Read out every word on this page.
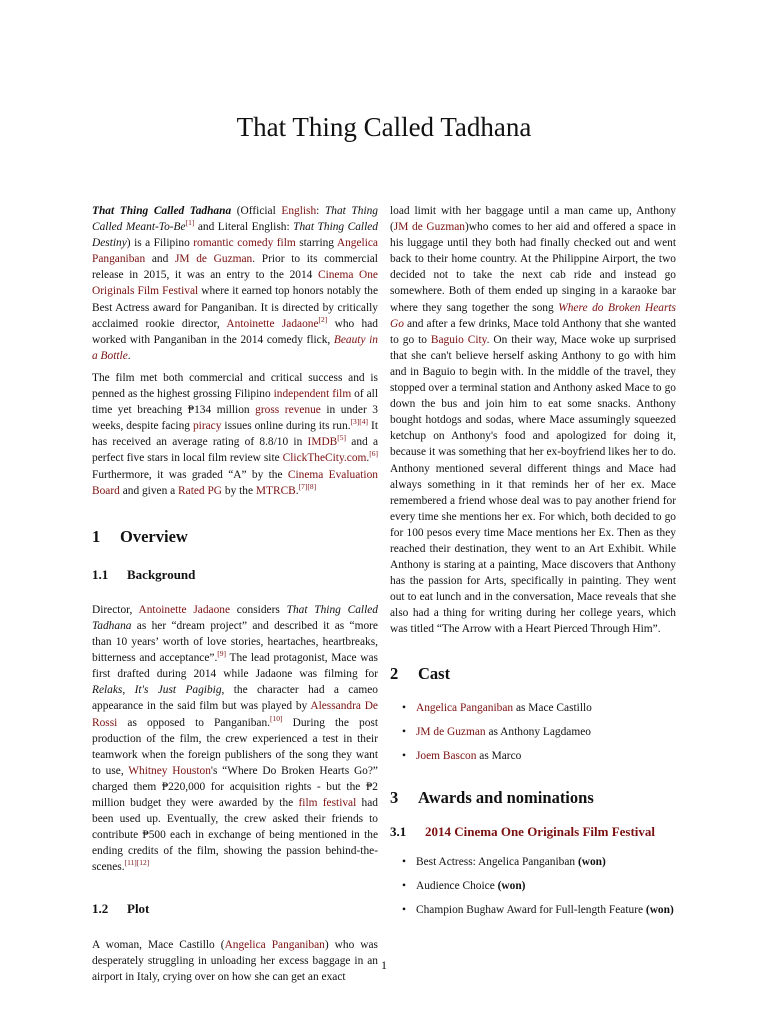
That Thing Called Tadhana

That Thing Called Tadhana (Official English: That Thing Called Meant-To-Be[1] and Literal English: That Thing Called Destiny) is a Filipino romantic comedy film starring Angelica Panganiban and JM de Guzman. Prior to its commercial release in 2015, it was an entry to the 2014 Cinema One Originals Film Festival where it earned top honors notably the Best Actress award for Panganiban. It is directed by critically acclaimed rookie director, Antoinette Jadaone[2] who had worked with Panganiban in the 2014 comedy flick, Beauty in a Bottle.

The film met both commercial and critical success and is penned as the highest grossing Filipino independent film of all time yet breaching ₱134 million gross revenue in under 3 weeks, despite facing piracy issues online during its run.[3][4] It has received an average rating of 8.8/10 in IMDB[5] and a perfect five stars in local film review site ClickTheCity.com.[6] Furthermore, it was graded “A” by the Cinema Evaluation Board and given a Rated PG by the MTRCB.[7][8]

1 Overview
1.1 Background

Director, Antoinette Jadaone considers That Thing Called Tadhana as her “dream project” and described it as “more than 10 years’ worth of love stories, heartaches, heartbreaks, bitterness and acceptance”.[9] The lead protagonist, Mace was first drafted during 2014 while Jadaone was filming for Relaks, It's Just Pagibig, the character had a cameo appearance in the said film but was played by Alessandra De Rossi as opposed to Panganiban.[10] During the post production of the film, the crew experienced a test in their teamwork when the foreign publishers of the song they want to use, Whitney Houston's “Where Do Broken Hearts Go?” charged them ₱220,000 for acquisition rights - but the ₱2 million budget they were awarded by the film festival had been used up. Eventually, the crew asked their friends to contribute ₱500 each in exchange of being mentioned in the ending credits of the film, showing the passion behind-the-scenes.[11][12]

1.2 Plot

A woman, Mace Castillo (Angelica Panganiban) who was desperately struggling in unloading her excess baggage in an airport in Italy, crying over on how she can get an exact

load limit with her baggage until a man came up, Anthony (JM de Guzman)who comes to her aid and offered a space in his luggage until they both had finally checked out and went back to their home country. At the Philippine Airport, the two decided not to take the next cab ride and instead go somewhere. Both of them ended up singing in a karaoke bar where they sang together the song Where do Broken Hearts Go and after a few drinks, Mace told Anthony that she wanted to go to Baguio City. On their way, Mace woke up surprised that she can't believe herself asking Anthony to go with him and in Baguio to begin with. In the middle of the travel, they stopped over a terminal station and Anthony asked Mace to go down the bus and join him to eat some snacks. Anthony bought hotdogs and sodas, where Mace assumingly squeezed ketchup on Anthony's food and apologized for doing it, because it was something that her ex-boyfriend likes her to do. Anthony mentioned several different things and Mace had always something in it that reminds her of her ex. Mace remembered a friend whose deal was to pay another friend for every time she mentions her ex. For which, both decided to go for 100 pesos every time Mace mentions her Ex. Then as they reached their destination, they went to an Art Exhibit. While Anthony is staring at a painting, Mace discovers that Anthony has the passion for Arts, specifically in painting. They went out to eat lunch and in the conversation, Mace reveals that she also had a thing for writing during her college years, which was titled “The Arrow with a Heart Pierced Through Him”.

2 Cast
• Angelica Panganiban as Mace Castillo
• JM de Guzman as Anthony Lagdameo
• Joem Bascon as Marco
3 Awards and nominations
3.1	2014 Cinema One Originals Film Festival
• Best Actress: Angelica Panganiban (won)
• Audience Choice (won)
• Champion Bughaw Award for Full-length Feature (won)
1
